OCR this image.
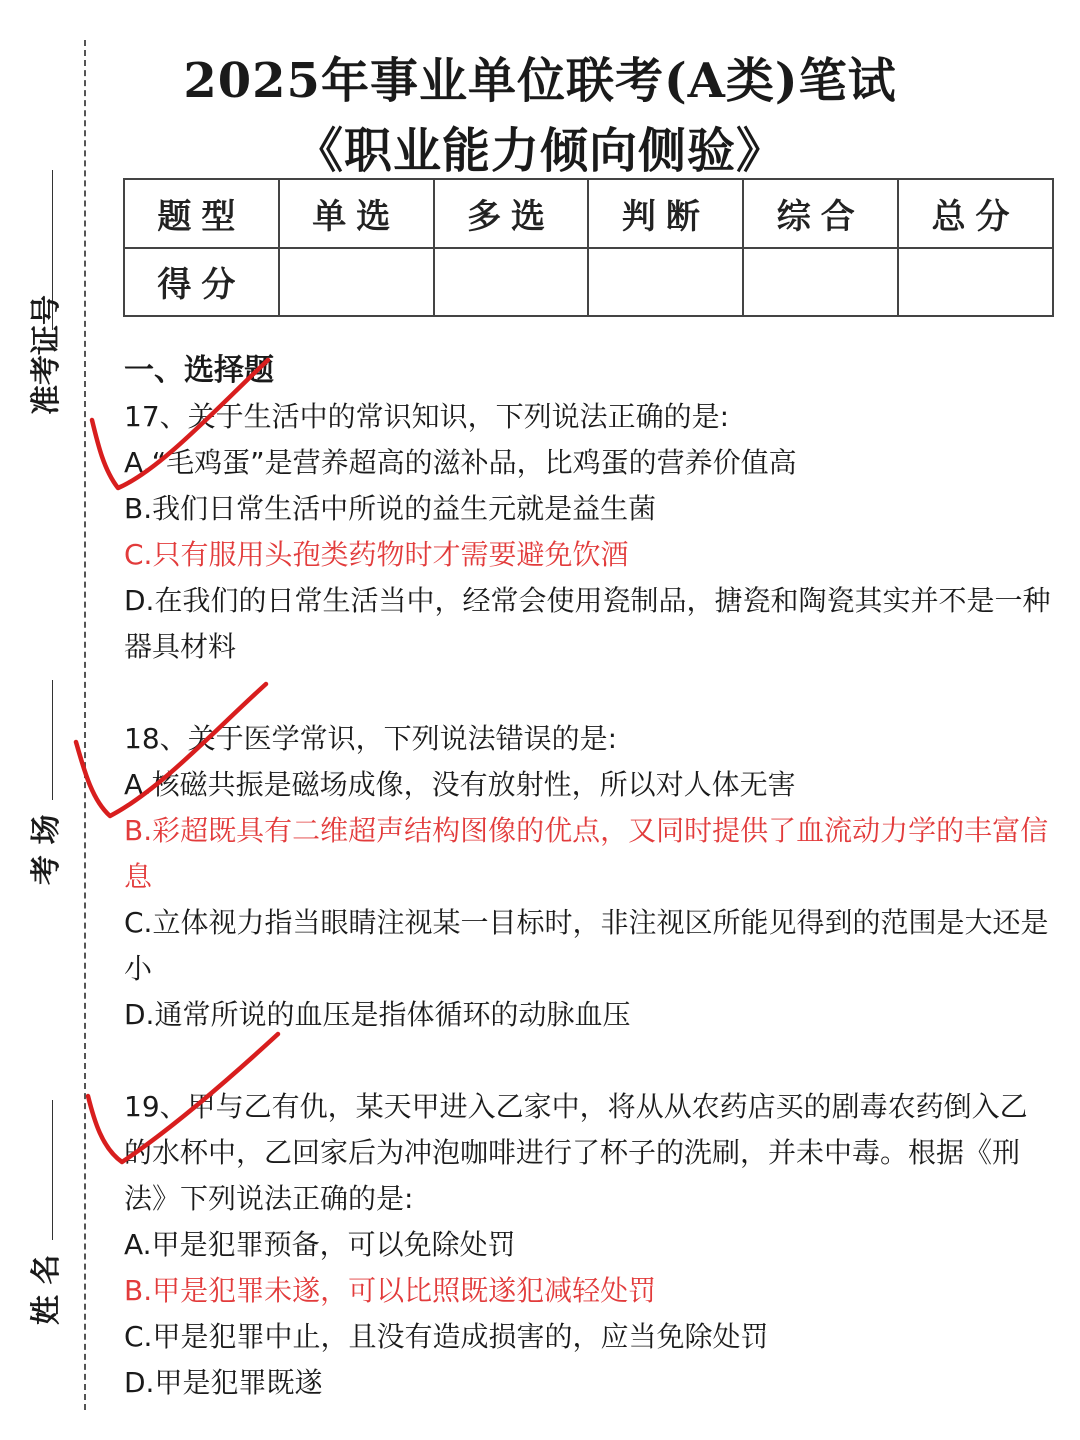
准考证号
考 场
姓 名
2025年事业单位联考(A类)笔试
《职业能力倾向侧验》
题型	单选	多选	判断	综合	总分
得分					
一、选择题
17、关于生活中的常识知识，下列说法正确的是:
A.“毛鸡蛋”是营养超高的滋补品，比鸡蛋的营养价值高
B.我们日常生活中所说的益生元就是益生菌
C.只有服用头孢类药物时才需要避免饮酒
D.在我们的日常生活当中，经常会使用瓷制品，搪瓷和陶瓷其实并不是一种器具材料
18、关于医学常识，下列说法错误的是:
A.核磁共振是磁场成像，没有放射性，所以对人体无害
B.彩超既具有二维超声结构图像的优点，又同时提供了血流动力学的丰富信息
C.立体视力指当眼睛注视某一目标时，非注视区所能见得到的范围是大还是小
D.通常所说的血压是指体循环的动脉血压
19、甲与乙有仇，某天甲进入乙家中，将从从农药店买的剧毒农药倒入乙的水杯中，乙回家后为冲泡咖啡进行了杯子的洗刷，并未中毒。根据《刑法》下列说法正确的是:
A.甲是犯罪预备，可以免除处罚
B.甲是犯罪未遂，可以比照既遂犯减轻处罚
C.甲是犯罪中止，且没有造成损害的，应当免除处罚
D.甲是犯罪既遂
